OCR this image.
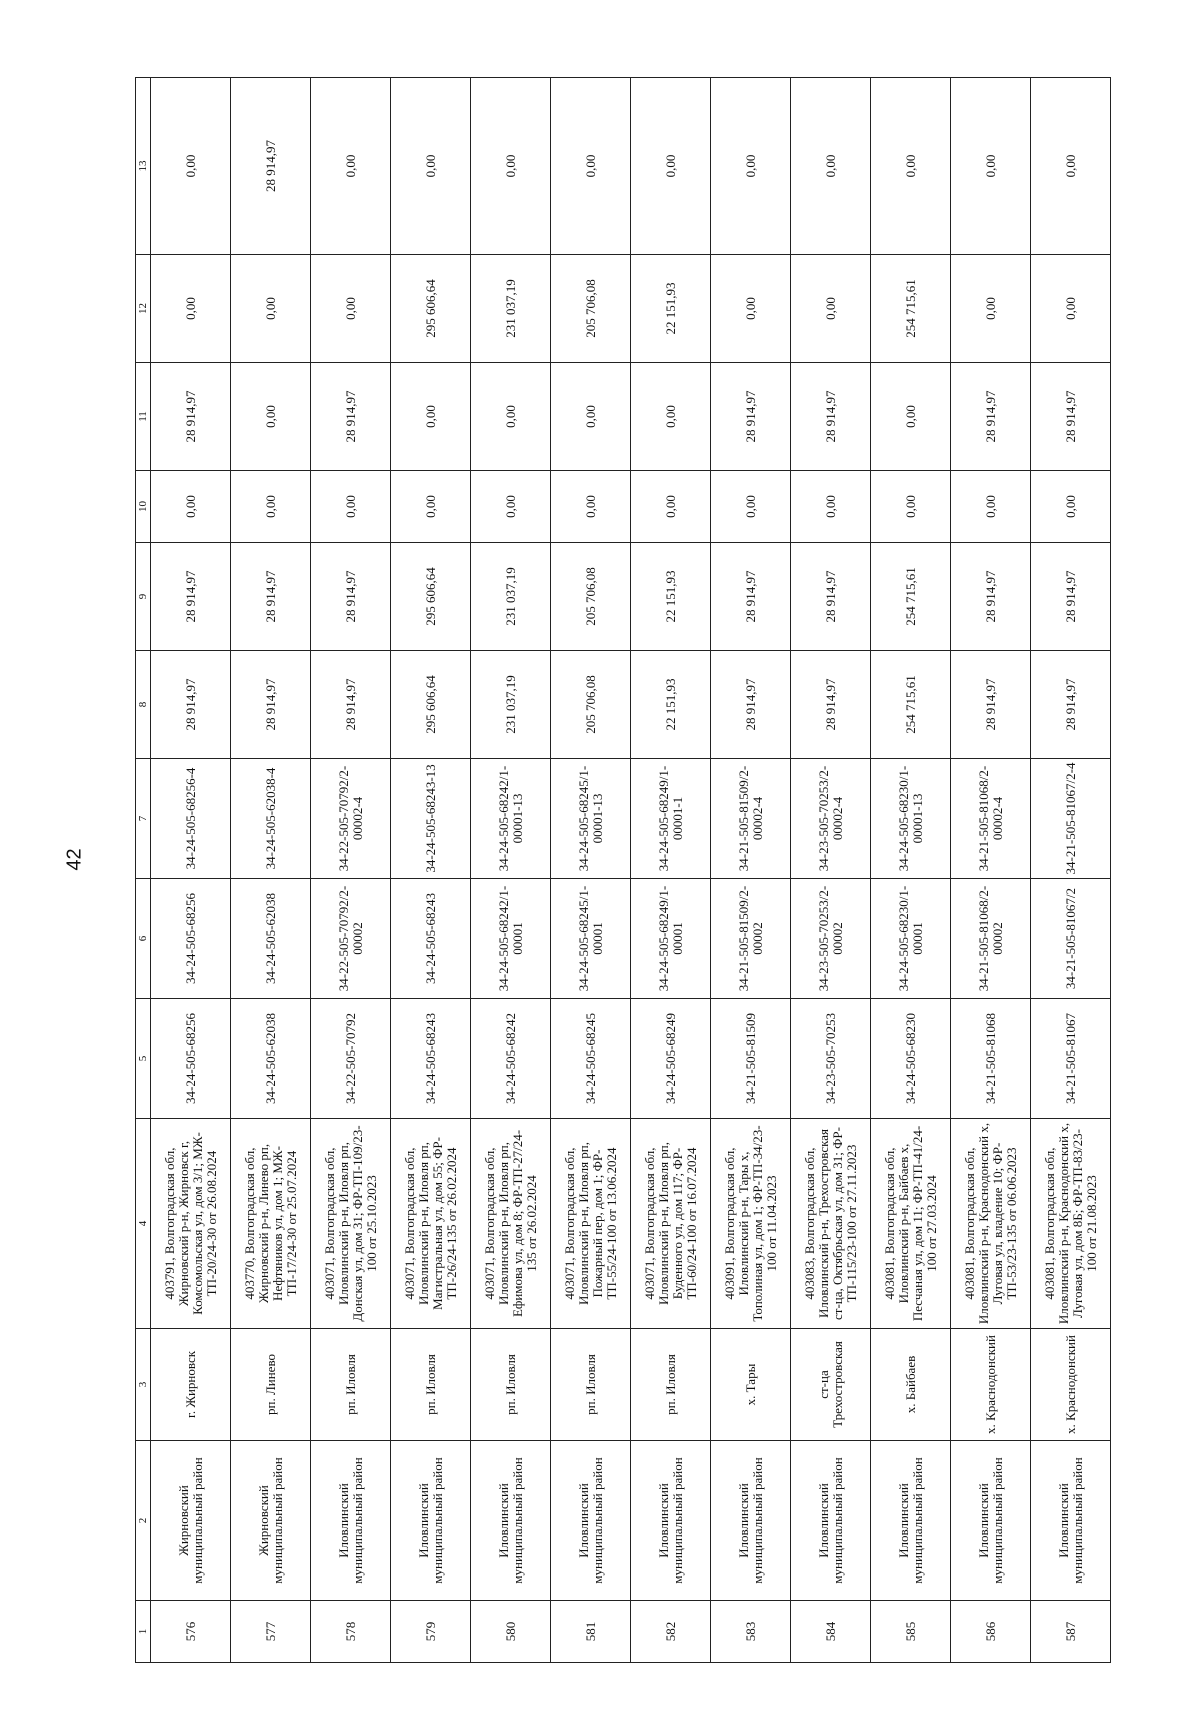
42
1	2	3	4	5	6	7	8	9	10	11	12	13
576	Жирновский муниципальный район	г. Жирновск	403791, Волгоградская обл, Жирновский р-н, Жирновск г, Комсомольская ул, дом 3/1; МЖ-ТП-20/24-30 от 26.08.2024	34-24-505-68256	34-24-505-68256	34-24-505-68256-4	28 914,97	28 914,97	0,00	28 914,97	0,00	0,00
577	Жирновский муниципальный район	рп. Линево	403770, Волгоградская обл, Жирновский р-н, Линево рп, Нефтяников ул, дом 1; МЖ-ТП-17/24-30 от 25.07.2024	34-24-505-62038	34-24-505-62038	34-24-505-62038-4	28 914,97	28 914,97	0,00	0,00	0,00	28 914,97
578	Иловлинский муниципальный район	рп. Иловля	403071, Волгоградская обл, Иловлинский р-н, Иловля рп, Донская ул, дом 31; ФР-ТП-109/23-100 от 25.10.2023	34-22-505-70792	34-22-505-70792/2-00002	34-22-505-70792/2-00002-4	28 914,97	28 914,97	0,00	28 914,97	0,00	0,00
579	Иловлинский муниципальный район	рп. Иловля	403071, Волгоградская обл, Иловлинский р-н, Иловля рп, Магистральная ул, дом 55; ФР-ТП-26/24-135 от 26.02.2024	34-24-505-68243	34-24-505-68243	34-24-505-68243-13	295 606,64	295 606,64	0,00	0,00	295 606,64	0,00
580	Иловлинский муниципальный район	рп. Иловля	403071, Волгоградская обл, Иловлинский р-н, Иловля рп, Ефимова ул, дом 8; ФР-ТП-27/24-135 от 26.02.2024	34-24-505-68242	34-24-505-68242/1-00001	34-24-505-68242/1-00001-13	231 037,19	231 037,19	0,00	0,00	231 037,19	0,00
581	Иловлинский муниципальный район	рп. Иловля	403071, Волгоградская обл, Иловлинский р-н, Иловля рп, Пожарный пер, дом 1; ФР-ТП-55/24-100 от 13.06.2024	34-24-505-68245	34-24-505-68245/1-00001	34-24-505-68245/1-00001-13	205 706,08	205 706,08	0,00	0,00	205 706,08	0,00
582	Иловлинский муниципальный район	рп. Иловля	403071, Волгоградская обл, Иловлинский р-н, Иловля рп, Буденного ул, дом 117; ФР-ТП-60/24-100 от 16.07.2024	34-24-505-68249	34-24-505-68249/1-00001	34-24-505-68249/1-00001-1	22 151,93	22 151,93	0,00	0,00	22 151,93	0,00
583	Иловлинский муниципальный район	х. Тары	403091, Волгоградская обл, Иловлинский р-н, Тары х, Тополиная ул, дом 1; ФР-ТП-34/23-100 от 11.04.2023	34-21-505-81509	34-21-505-81509/2-00002	34-21-505-81509/2-00002-4	28 914,97	28 914,97	0,00	28 914,97	0,00	0,00
584	Иловлинский муниципальный район	ст-ца Трехостровская	403083, Волгоградская обл, Иловлинский р-н, Трехостровская ст-ца, Октябрьская ул, дом 31; ФР-ТП-115/23-100 от 27.11.2023	34-23-505-70253	34-23-505-70253/2-00002	34-23-505-70253/2-00002-4	28 914,97	28 914,97	0,00	28 914,97	0,00	0,00
585	Иловлинский муниципальный район	х. Байбаев	403081, Волгоградская обл, Иловлинский р-н, Байбаев х, Песчаная ул, дом 11; ФР-ТП-41/24-100 от 27.03.2024	34-24-505-68230	34-24-505-68230/1-00001	34-24-505-68230/1-00001-13	254 715,61	254 715,61	0,00	0,00	254 715,61	0,00
586	Иловлинский муниципальный район	х. Краснодонский	403081, Волгоградская обл, Иловлинский р-н, Краснодонский х, Луговая ул, владение 10; ФР-ТП-53/23-135 от 06.06.2023	34-21-505-81068	34-21-505-81068/2-00002	34-21-505-81068/2-00002-4	28 914,97	28 914,97	0,00	28 914,97	0,00	0,00
587	Иловлинский муниципальный район	х. Краснодонский	403081, Волгоградская обл, Иловлинский р-н, Краснодонский х, Луговая ул, дом 8Б; ФР-ТП-83/23-100 от 21.08.2023	34-21-505-81067	34-21-505-81067/2	34-21-505-81067/2-4	28 914,97	28 914,97	0,00	28 914,97	0,00	0,00
